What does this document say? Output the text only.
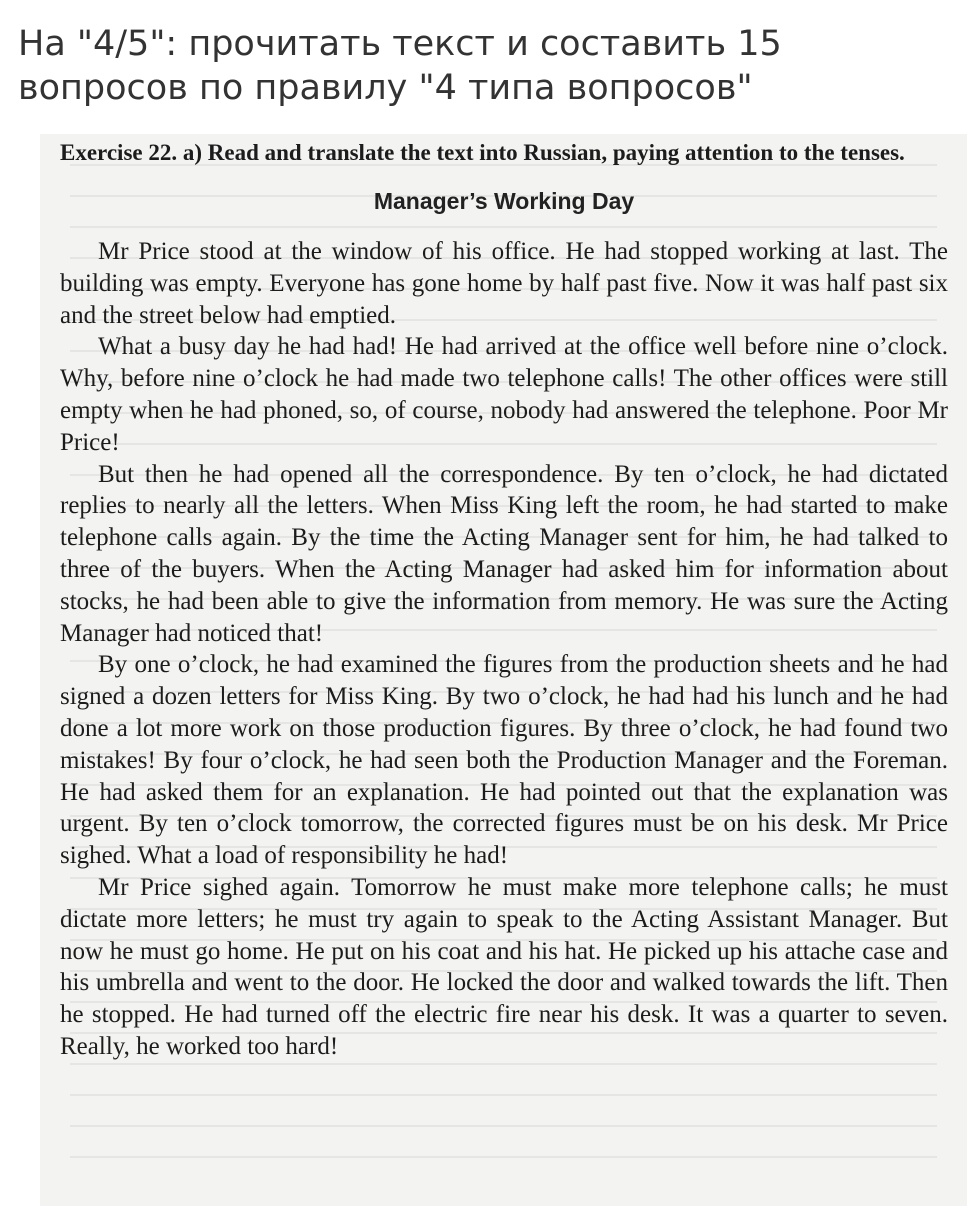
На "4/5": прочитать текст и составить 15 вопросов по правилу "4 типа вопросов"

Exercise 22. a) Read and translate the text into Russian, paying attention to the tenses.

Manager’s Working Day

Mr Price stood at the window of his office. He had stopped working at last. The building was empty. Everyone has gone home by half past five. Now it was half past six and the street below had emptied.

What a busy day he had had! He had arrived at the office well before nine o’clock. Why, before nine o’clock he had made two telephone calls! The other offices were still empty when he had phoned, so, of course, nobody had answered the telephone. Poor Mr Price!

But then he had opened all the correspondence. By ten o’clock, he had dictated replies to nearly all the letters. When Miss King left the room, he had started to make telephone calls again. By the time the Acting Manager sent for him, he had talked to three of the buyers. When the Acting Manager had asked him for information about stocks, he had been able to give the information from memory. He was sure the Acting Manager had noticed that!

By one o’clock, he had examined the figures from the production sheets and he had signed a dozen letters for Miss King. By two o’clock, he had had his lunch and he had done a lot more work on those production figures. By three o’clock, he had found two mistakes! By four o’clock, he had seen both the Production Manager and the Foreman. He had asked them for an explanation. He had pointed out that the explanation was urgent. By ten o’clock tomorrow, the corrected figures must be on his desk. Mr Price sighed. What a load of responsibility he had!

Mr Price sighed again. Tomorrow he must make more telephone calls; he must dictate more letters; he must try again to speak to the Acting Assistant Manager. But now he must go home. He put on his coat and his hat. He picked up his attache case and his umbrella and went to the door. He locked the door and walked towards the lift. Then he stopped. He had turned off the electric fire near his desk. It was a quarter to seven. Really, he worked too hard!
